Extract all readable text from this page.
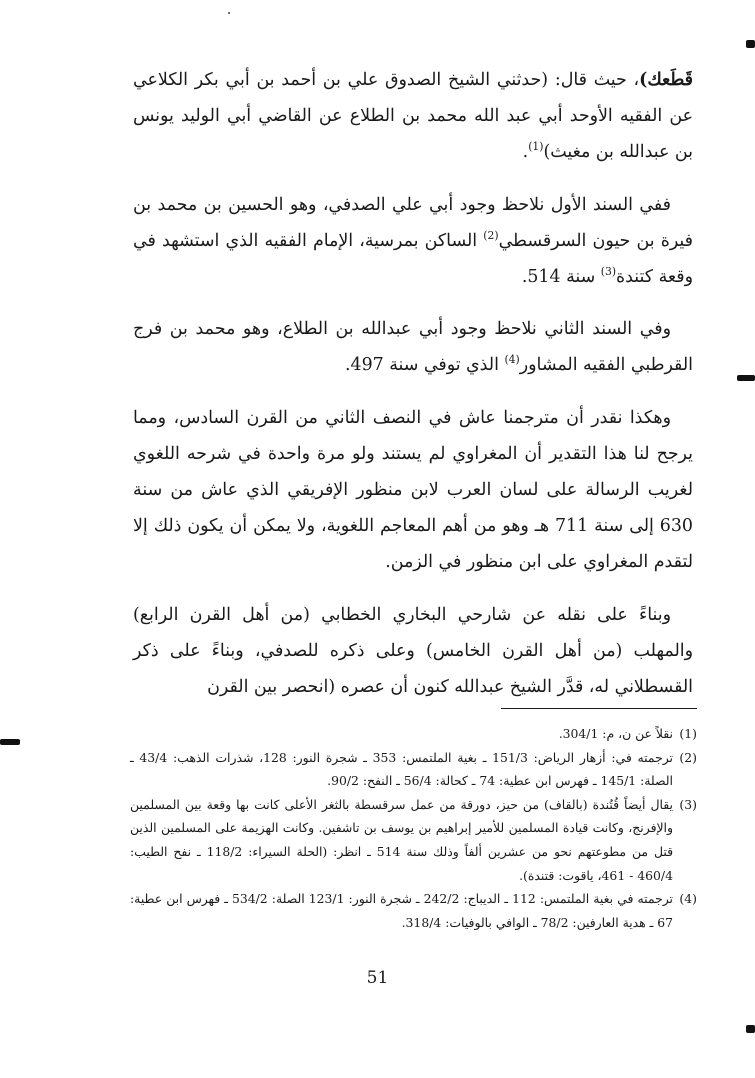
قَطَعك)، حيث قال: (حدثني الشيخ الصدوق علي بن أحمد بن أبي بكر الكلاعي عن الفقيه الأوحد أبي عبد الله محمد بن الطلاع عن القاضي أبي الوليد يونس بن عبدالله بن مغيث)$^{(1)}$.

ففي السند الأول نلاحظ وجود أبي علي الصدفي، وهو الحسين بن محمد بن فيرة بن حيون السرقسطي$^{(2)}$ الساكن بمرسية، الإمام الفقيه الذي استشهد في وقعة كتندة$^{(3)}$ سنة 514.

وفي السند الثاني نلاحظ وجود أبي عبدالله بن الطلاع، وهو محمد بن فرج القرطبي الفقيه المشاور$^{(4)}$ الذي توفي سنة 497.

وهكذا نقدر أن مترجمنا عاش في النصف الثاني من القرن السادس، ومما يرجح لنا هذا التقدير أن المغراوي لم يستند ولو مرة واحدة في شرحه اللغوي لغريب الرسالة على لسان العرب لابن منظور الإفريقي الذي عاش من سنة 630 إلى سنة 711 هـ وهو من أهم المعاجم اللغوية، ولا يمكن أن يكون ذلك إلا لتقدم المغراوي على ابن منظور في الزمن.

وبناءً على نقله عن شارحي البخاري الخطابي (من أهل القرن الرابع) والمهلب (من أهل القرن الخامس) وعلى ذكره للصدفي، وبناءً على ذكر القسطلاني له، قدَّر الشيخ عبدالله كنون أن عصره (انحصر بين القرن

(1)
نقلاً عن ن، م: 304/1.

(2)
ترجمته في: أزهار الرياض: 151/3 ـ بغية الملتمس: 353 ـ شجرة النور: 128، شذرات الذهب: 43/4 ـ الصلة: 145/1 ـ فهرس ابن عطية: 74 ـ كحالة: 56/4 ـ النفح: 90/2.

(3)
يقال أيضاً قُتُندة (بالقاف) من حيز، دورقة من عمل سرقسطة بالثغر الأعلى كانت بها وقعة بين المسلمين والإفرنج، وكانت قيادة المسلمين للأمير إبراهيم بن يوسف بن تاشفين. وكانت الهزيمة على المسلمين الذين قتل من مطوعتهم نحو من عشرين ألفاً وذلك سنة 514 ـ انظر: (الحلة السيراء: 118/2 ـ نفح الطيب: 460/4 - 461، ياقوت: قتندة).

(4)
ترجمته في بغية الملتمس: 112 ـ الديباج: 242/2 ـ شجرة النور: 123/1 الصلة: 534/2 ـ فهرس ابن عطية: 67 ـ هدية العارفين: 78/2 ـ الوافي بالوفيات: 318/4.

51
